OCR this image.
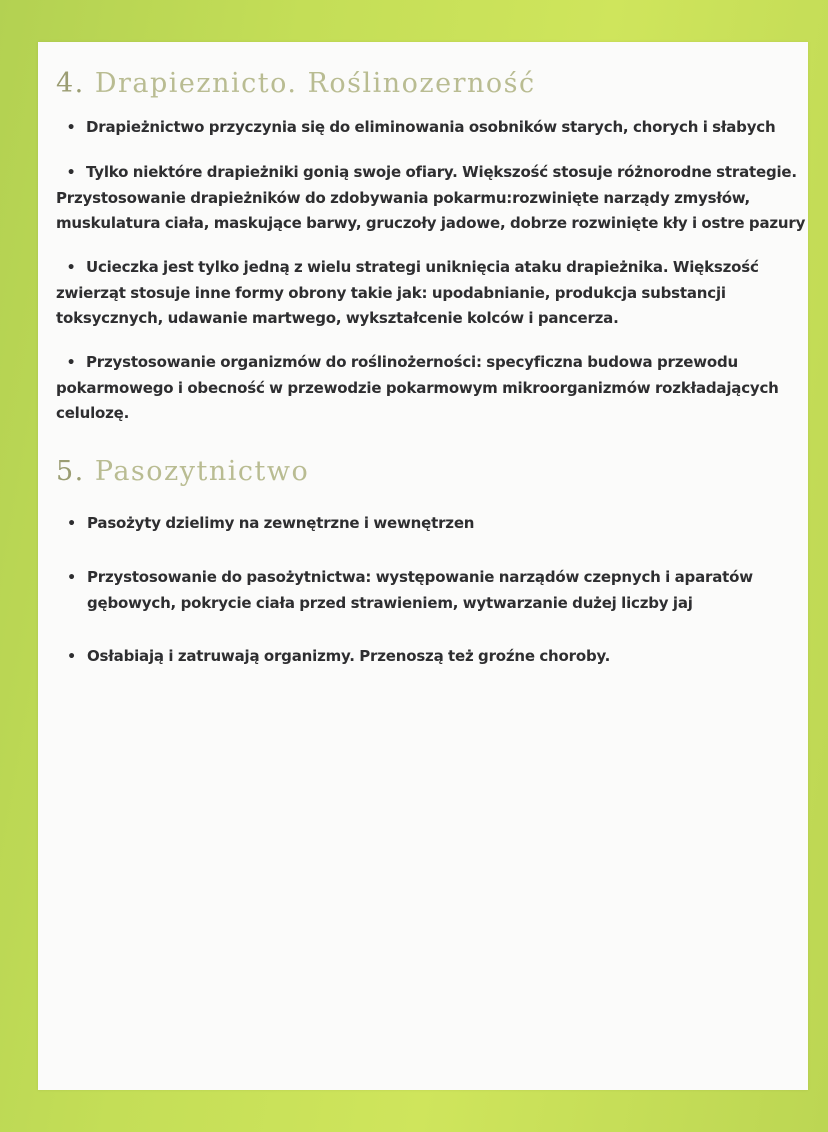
4. Drapieznicto. Roślinozerność

• Drapieżnictwo przyczynia się do eliminowania osobników starych, chorych i słabych

• Tylko niektóre drapieżniki gonią swoje ofiary. Większość stosuje różnorodne strategie. Przystosowanie drapieżników do zdobywania pokarmu:rozwinięte narządy zmysłów, muskulatura ciała, maskujące barwy, gruczoły jadowe, dobrze rozwinięte kły i ostre pazury

• Ucieczka jest tylko jedną z wielu strategi uniknięcia ataku drapieżnika. Większość zwierząt stosuje inne formy obrony takie jak: upodabnianie, produkcja substancji toksycznych, udawanie martwego, wykształcenie kolców i pancerza.

• Przystosowanie organizmów do roślinożerności: specyficzna budowa przewodu pokarmowego i obecność w przewodzie pokarmowym mikroorganizmów rozkładających celulozę.

5. Pasozytnictwo

• Pasożyty dzielimy na zewnętrzne i wewnętrzen

• Przystosowanie do pasożytnictwa: występowanie narządów czepnych i aparatów gębowych, pokrycie ciała przed strawieniem, wytwarzanie dużej liczby jaj

• Osłabiają i zatruwają organizmy. Przenoszą też groźne choroby.
